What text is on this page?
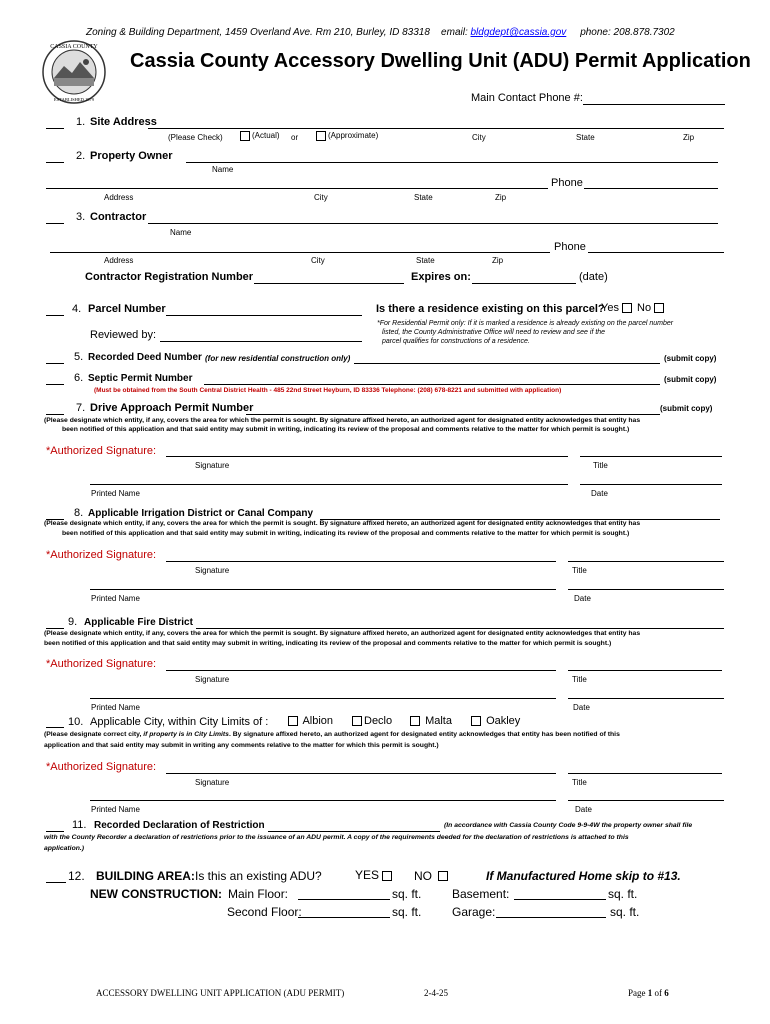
Zoning & Building Department, 1459 Overland Ave. Rm 210, Burley, ID 83318 email: bldgdept@cassia.gov phone: 208.878.7302
CASSIA COUNTY
ESTABLISHED 1879
Cassia County Accessory Dwelling Unit (ADU) Permit Application
Main Contact Phone #:
1. Site Address
(Please Check)	(Actual) or	(Approximate)	City	State	Zip
2. Property Owner
Name
Phone
Address	City	State	Zip
3. Contractor
Name
Phone
Address	City	State	Zip
Contractor Registration Number	Expires on:	(date)
4. Parcel Number	Is there a residence existing on this parcel?
Yes	No
*For Residential Permit only: If it is marked a residence is already existing on the parcel number
listed, the County Administrative Office will need to review and see if the
parcel qualifies for constructions of a residence.
Reviewed by:
5. Recorded Deed Number (for new residential construction only)	(submit copy)
6. Septic Permit Number	(submit copy)
(Must be obtained from the South Central District Health - 485 22nd Street Heyburn, ID 83336 Telephone: (208) 678-8221 and submitted with application)
7. Drive Approach Permit Number	(submit copy)
(Please designate which entity, if any, covers the area for which the permit is sought. By signature affixed hereto, an authorized agent for designated entity acknowledges that entity has
been notified of this application and that said entity may submit in writing, indicating its review of the proposal and comments relative to the matter for which permit is sought.)
*Authorized Signature:
Signature	Title
Printed Name	Date
8. Applicable Irrigation District or Canal Company
(Please designate which entity, if any, covers the area for which the permit is sought. By signature affixed hereto, an authorized agent for designated entity acknowledges that entity has
been notified of this application and that said entity may submit in writing, indicating its review of the proposal and comments relative to the matter for which permit is sought.)
*Authorized Signature:
Signature	Title
Printed Name	Date
9. Applicable Fire District
(Please designate which entity, if any, covers the area for which the permit is sought. By signature affixed hereto, an authorized agent for designated entity acknowledges that entity has
been notified of this application and that said entity may submit in writing, indicating its review of the proposal and comments relative to the matter for which permit is sought.)
*Authorized Signature:
Signature	Title
Printed Name	Date
10. Applicable City, within City Limits of :	Albion	Declo	Malta	Oakley
(Please designate correct city, if property is in City Limits. By signature affixed hereto, an authorized agent for designated entity acknowledges that entity has been notified of this
application and that said entity may submit in writing any comments relative to the matter for which this permit is sought.)
*Authorized Signature:
Signature	Title
Printed Name	Date
11. Recorded Declaration of Restriction	(In accordance with Cassia County Code 9-9-4W the property owner shall file
with the County Recorder a declaration of restrictions prior to the issuance of an ADU permit. A copy of the requirements deeded for the declaration of restrictions is attached to this
application.)
12. BUILDING AREA: Is this an existing ADU?	YES	NO	If Manufactured Home skip to #13.
NEW CONSTRUCTION: Main Floor:	sq. ft.	Basement:	sq. ft.
Second Floor:	sq. ft.	Garage:	sq. ft.
ACCESSORY DWELLING UNIT APPLICATION (ADU PERMIT)	2-4-25	Page 1 of 6
